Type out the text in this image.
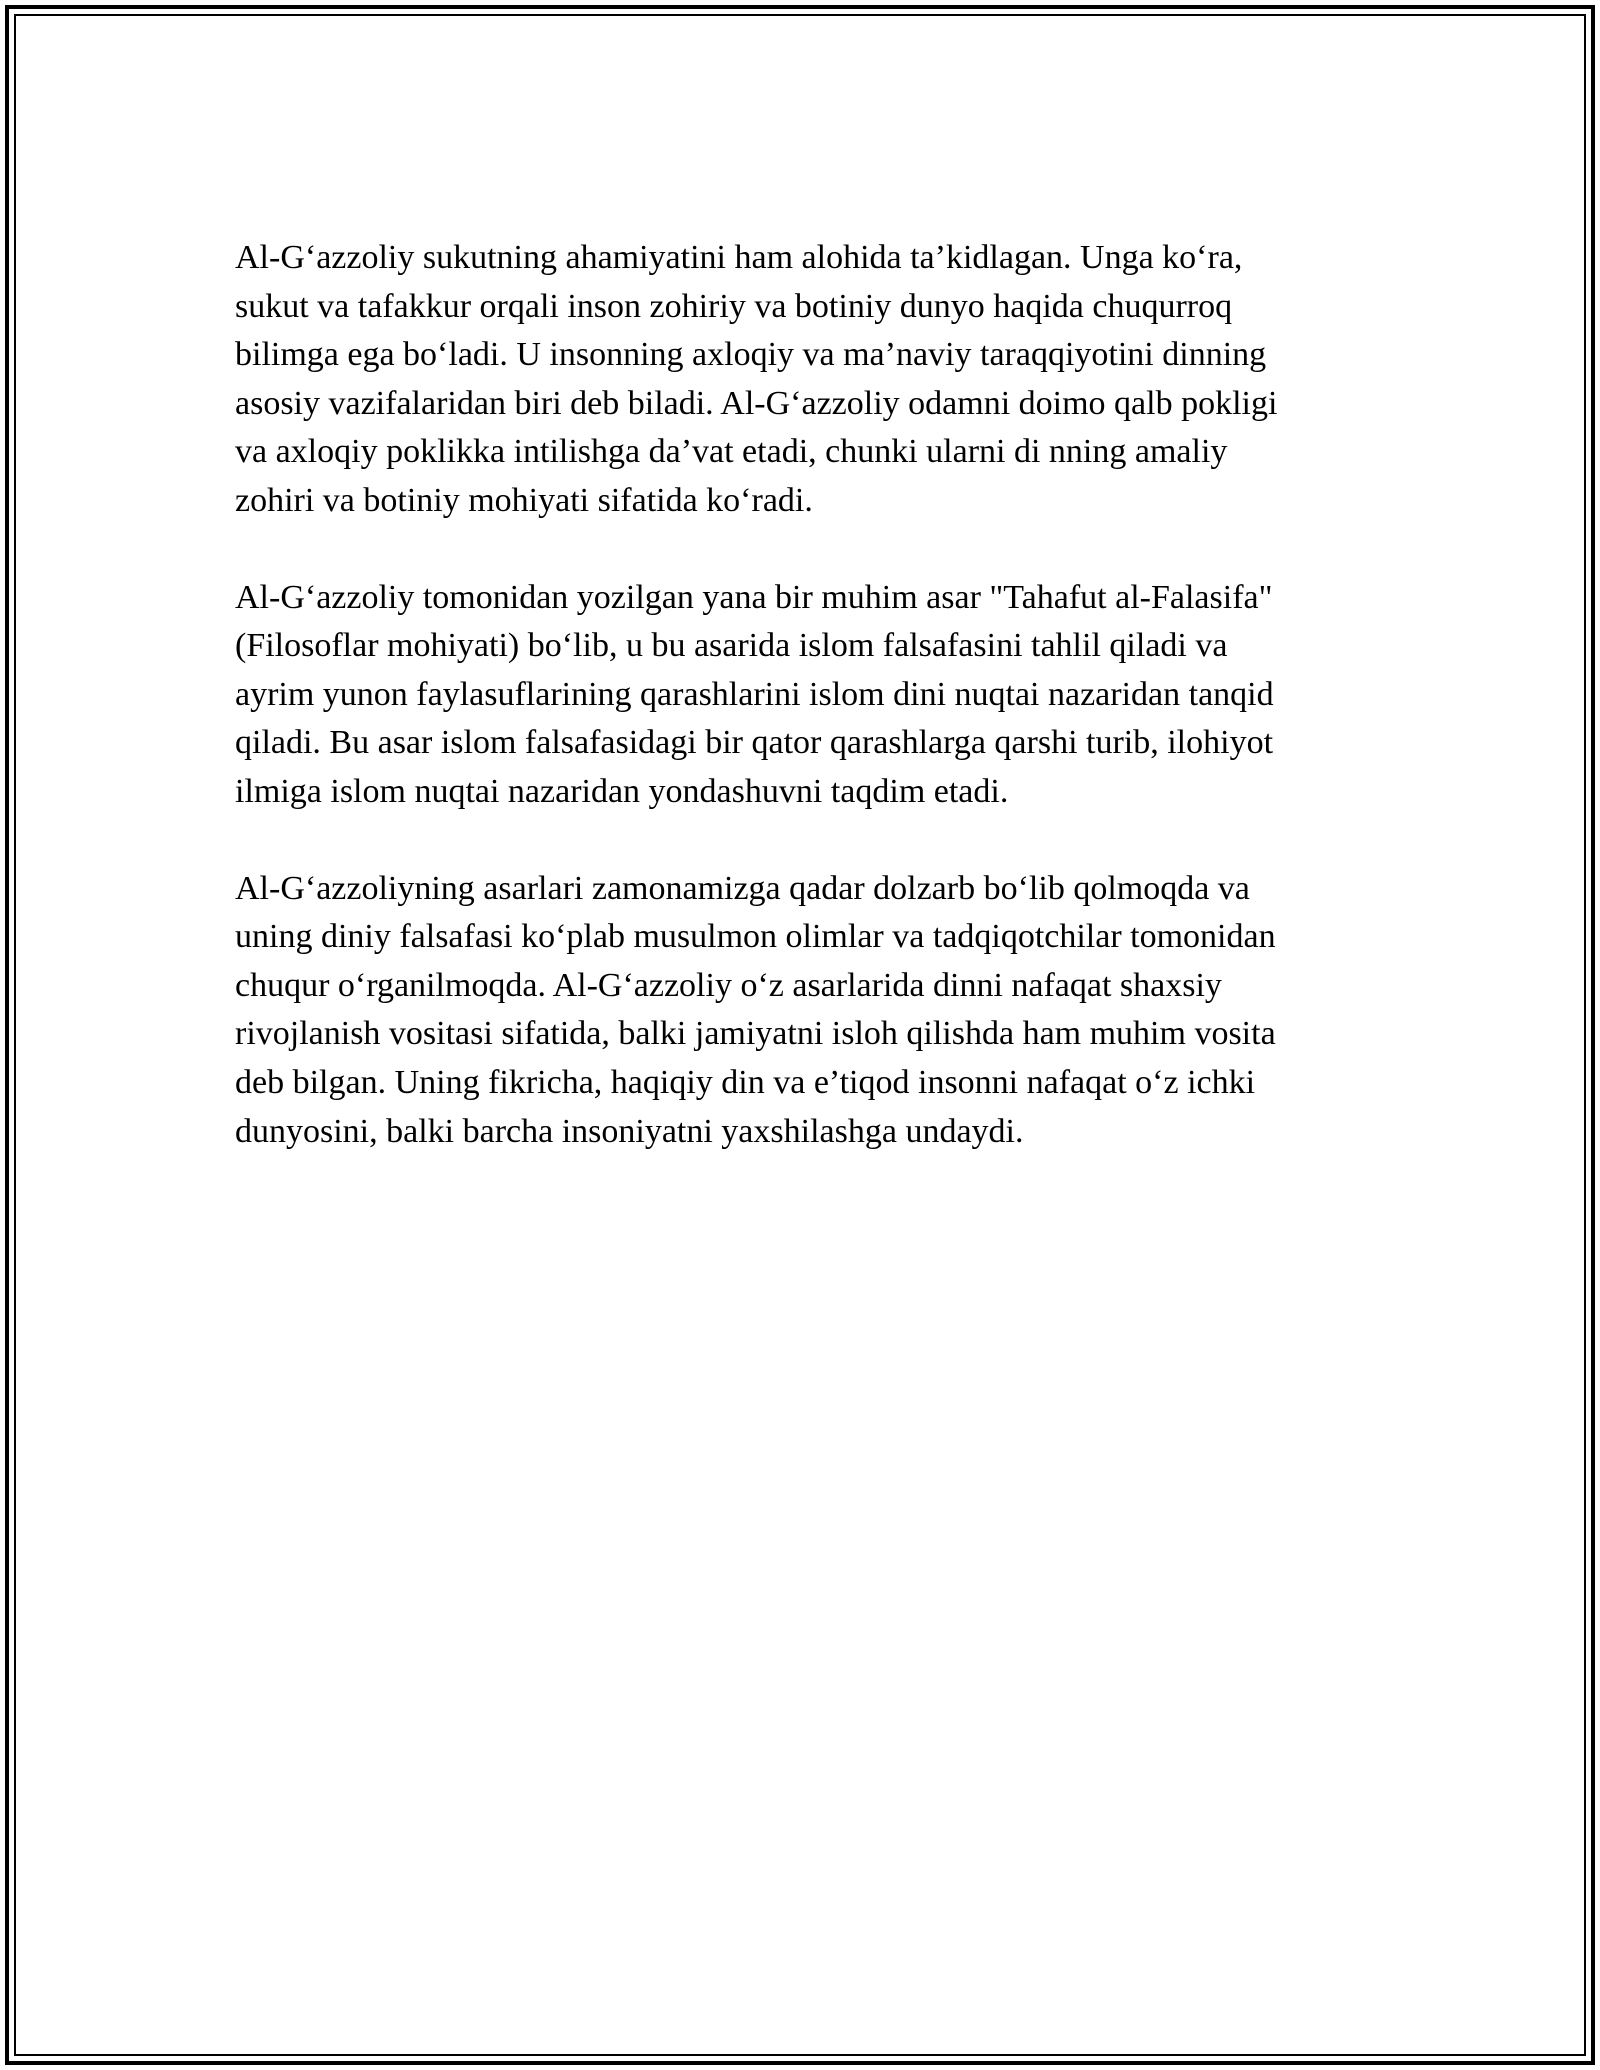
Al-G‘azzoliy sukutning ahamiyatini ham alohida ta’kidlagan. Unga ko‘ra,
sukut va tafakkur orqali inson zohiriy va botiniy dunyo haqida chuqurroq
bilimga ega bo‘ladi. U insonning axloqiy va ma’naviy taraqqiyotini dinning
asosiy vazifalaridan biri deb biladi. Al-G‘azzoliy odamni doimo qalb pokligi
va axloqiy poklikka intilishga da’vat etadi, chunki ularni di nning amaliy
zohiri va botiniy mohiyati sifatida ko‘radi.

Al-G‘azzoliy tomonidan yozilgan yana bir muhim asar "Tahafut al-Falasifa"
(Filosoflar mohiyati) bo‘lib, u bu asarida islom falsafasini tahlil qiladi va
ayrim yunon faylasuflarining qarashlarini islom dini nuqtai nazaridan tanqid
qiladi. Bu asar islom falsafasidagi bir qator qarashlarga qarshi turib, ilohiyot
ilmiga islom nuqtai nazaridan yondashuvni taqdim etadi.

Al-G‘azzoliyning asarlari zamonamizga qadar dolzarb bo‘lib qolmoqda va
uning diniy falsafasi ko‘plab musulmon olimlar va tadqiqotchilar tomonidan
chuqur o‘rganilmoqda. Al-G‘azzoliy o‘z asarlarida dinni nafaqat shaxsiy
rivojlanish vositasi sifatida, balki jamiyatni isloh qilishda ham muhim vosita
deb bilgan. Uning fikricha, haqiqiy din va e’tiqod insonni nafaqat o‘z ichki
dunyosini, balki barcha insoniyatni yaxshilashga undaydi.
